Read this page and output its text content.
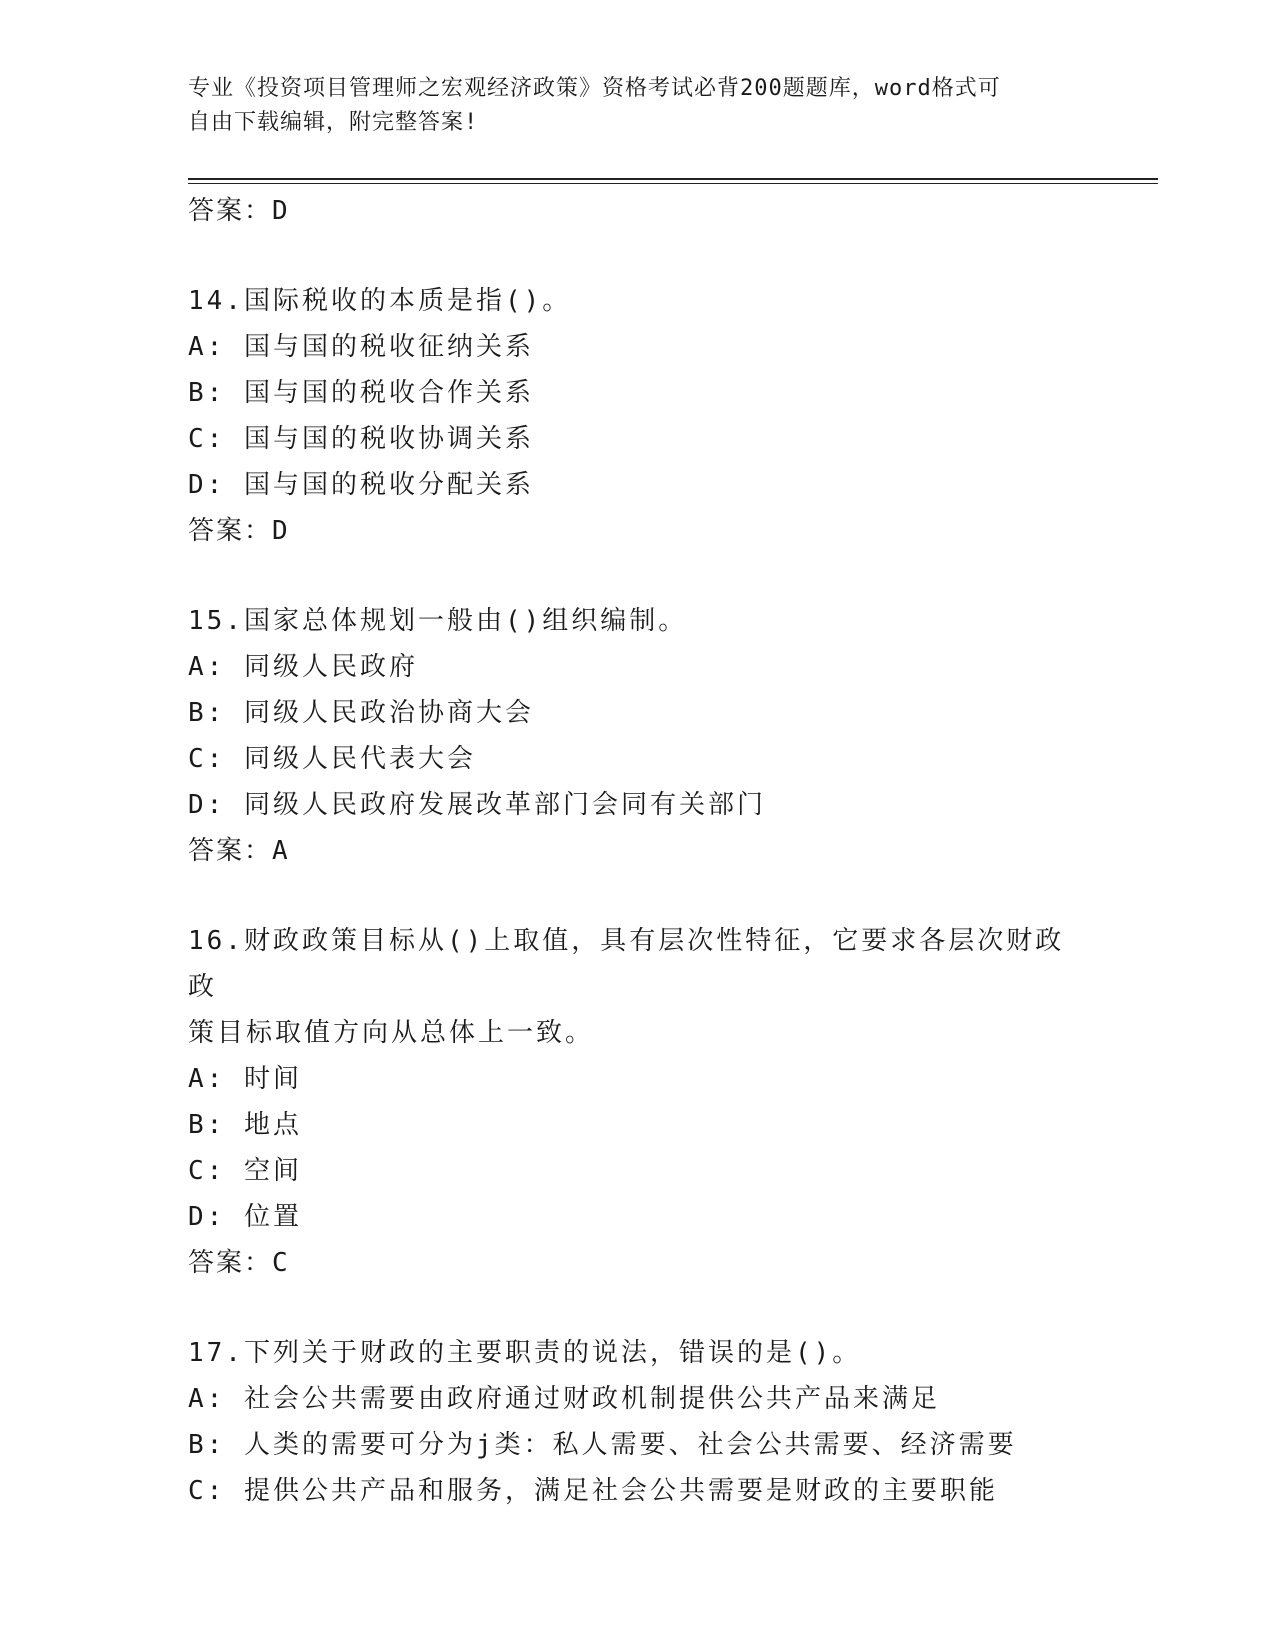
专业《投资项目管理师之宏观经济政策》资格考试必背200题题库，word格式可
自由下载编辑，附完整答案!
答案：D
14.国际税收的本质是指()。
A: 国与国的税收征纳关系
B: 国与国的税收合作关系
C: 国与国的税收协调关系
D: 国与国的税收分配关系
答案：D
15.国家总体规划一般由()组织编制。
A: 同级人民政府
B: 同级人民政治协商大会
C: 同级人民代表大会
D: 同级人民政府发展改革部门会同有关部门
答案：A
16.财政政策目标从()上取值，具有层次性特征，它要求各层次财政政
策目标取值方向从总体上一致。
A: 时间
B: 地点
C: 空间
D: 位置
答案：C
17.下列关于财政的主要职责的说法，错误的是()。
A: 社会公共需要由政府通过财政机制提供公共产品来满足
B: 人类的需要可分为j类：私人需要、社会公共需要、经济需要
C: 提供公共产品和服务，满足社会公共需要是财政的主要职能
